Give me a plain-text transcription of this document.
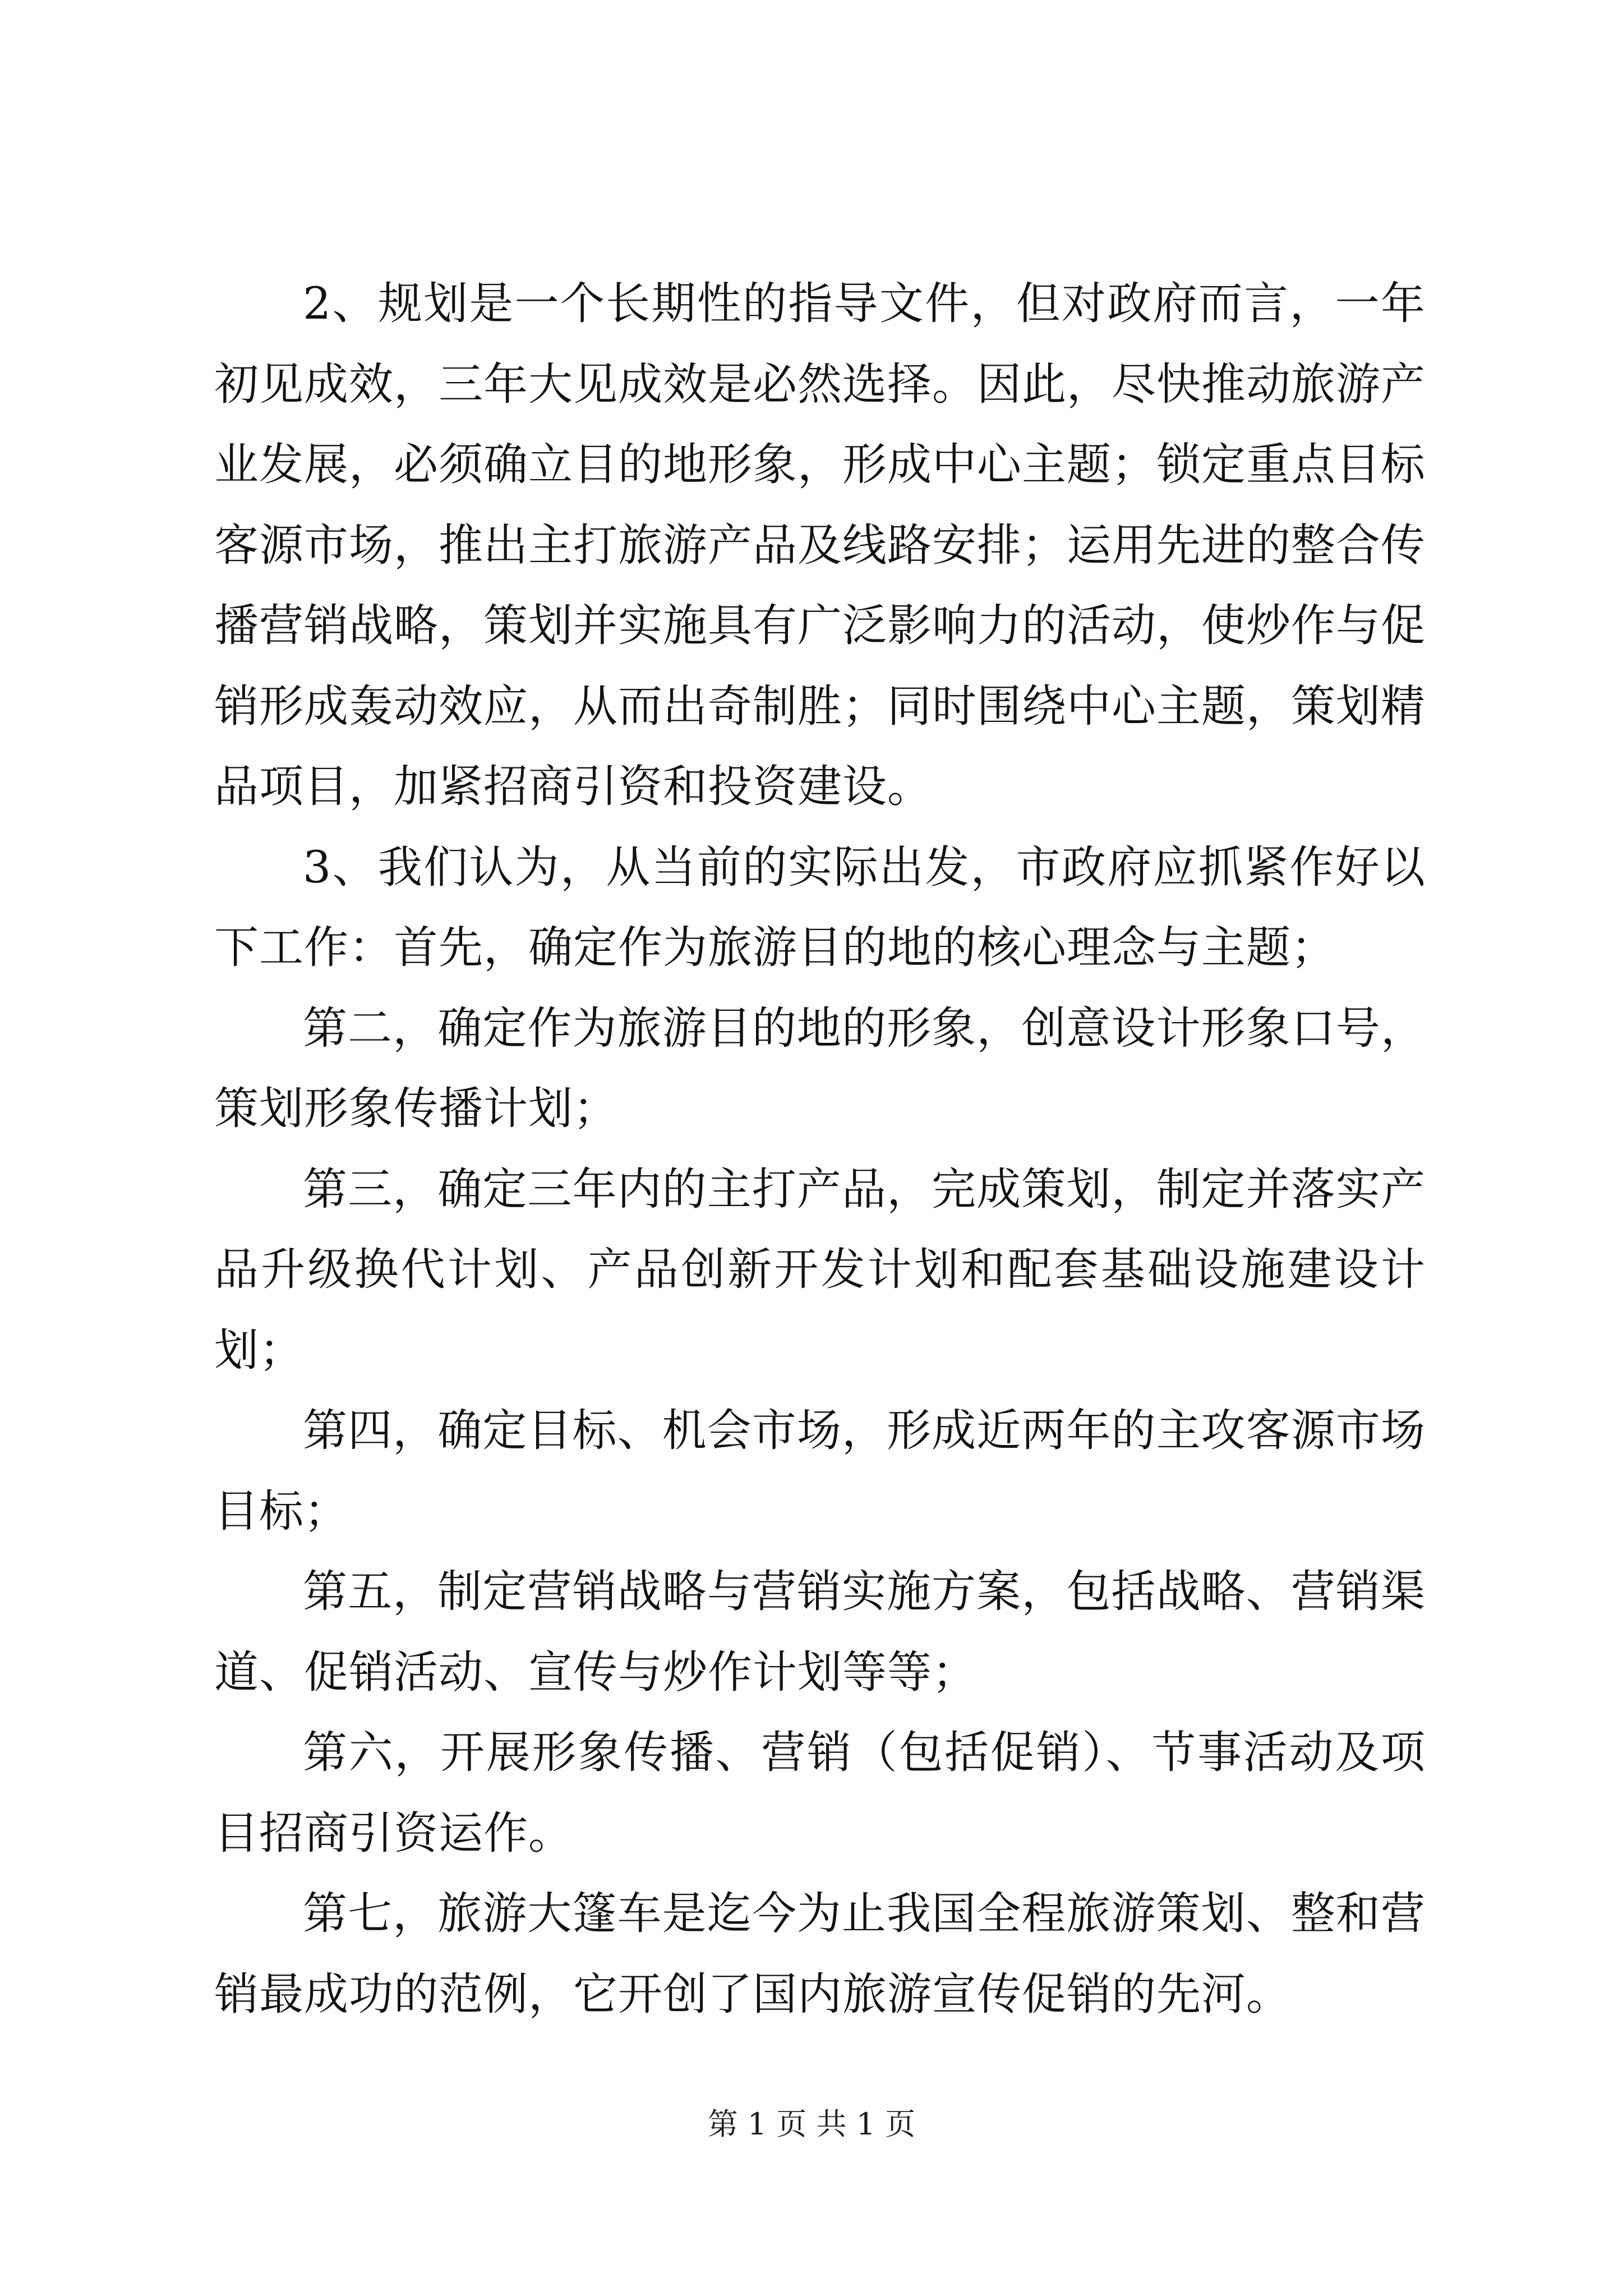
2、规划是一个长期性的指导文件，但对政府而言，一年初见成效，三年大见成效是必然选择。因此，尽快推动旅游产业发展，必须确立目的地形象，形成中心主题；锁定重点目标客源市场，推出主打旅游产品及线路安排；运用先进的整合传播营销战略，策划并实施具有广泛影响力的活动，使炒作与促销形成轰动效应，从而出奇制胜；同时围绕中心主题，策划精品项目，加紧招商引资和投资建设。

3、我们认为，从当前的实际出发，市政府应抓紧作好以下工作：首先，确定作为旅游目的地的核心理念与主题；

第二，确定作为旅游目的地的形象，创意设计形象口号，策划形象传播计划；

第三，确定三年内的主打产品，完成策划，制定并落实产品升级换代计划、产品创新开发计划和配套基础设施建设计划；

第四，确定目标、机会市场，形成近两年的主攻客源市场目标；

第五，制定营销战略与营销实施方案，包括战略、营销渠道、促销活动、宣传与炒作计划等等；

第六，开展形象传播、营销（包括促销）、节事活动及项目招商引资运作。

第七，旅游大篷车是迄今为止我国全程旅游策划、整和营销最成功的范例，它开创了国内旅游宣传促销的先河。

第 1 页 共 1 页
